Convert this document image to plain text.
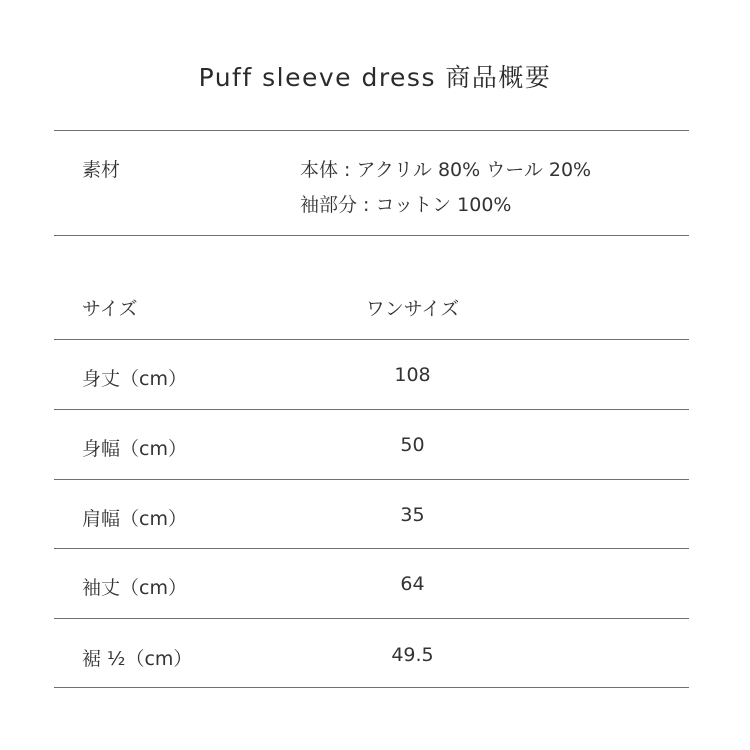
Puff sleeve dress 商品概要
素材	本体 : アクリル 80% ウール 20%
袖部分 : コットン 100%
サイズ	ワンサイズ
身丈（cm）	108
身幅（cm）	50
肩幅（cm）	35
袖丈（cm）	64
裾 ½（cm）	49.5
